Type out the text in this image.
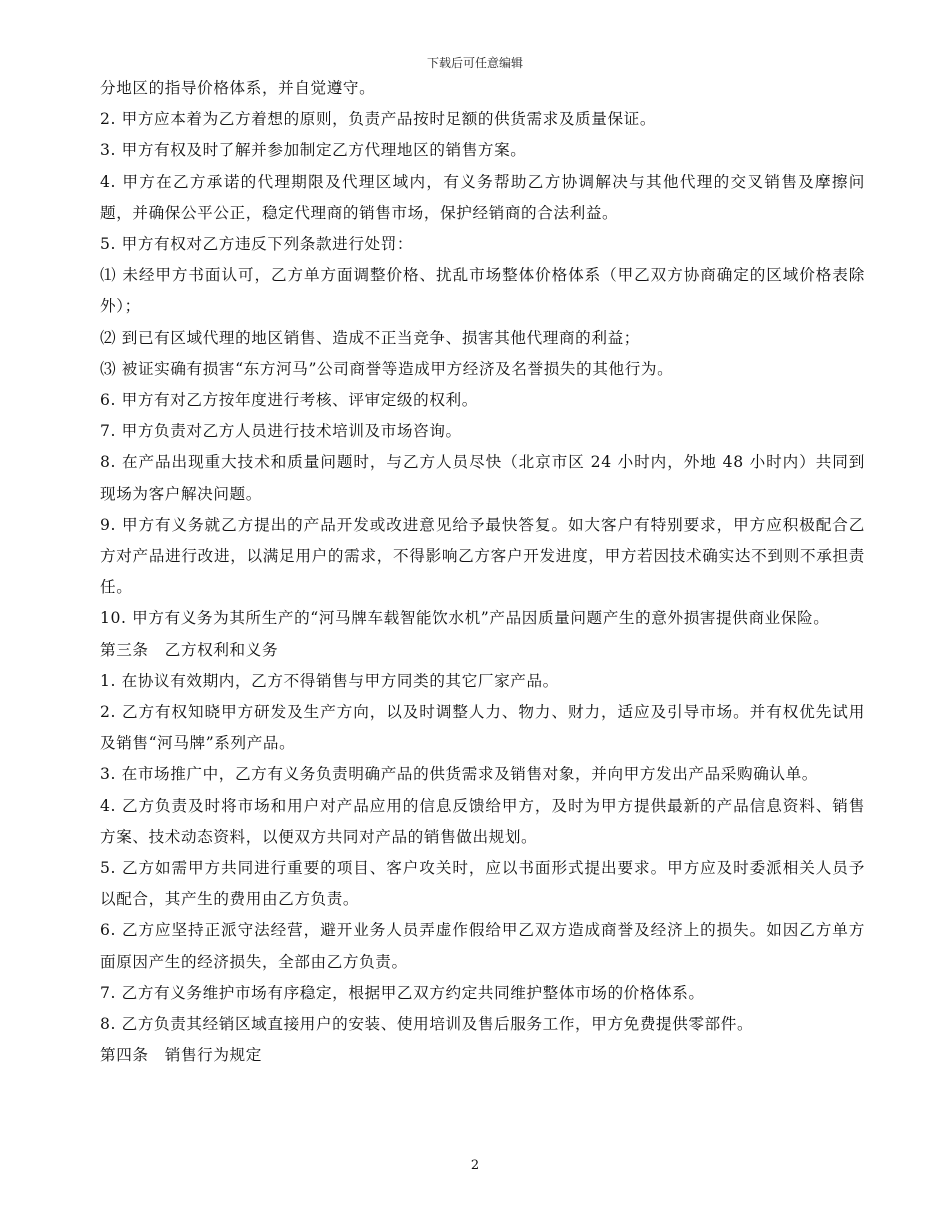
下载后可任意编辑

分地区的指导价格体系，并自觉遵守。

2. 甲方应本着为乙方着想的原则，负责产品按时足额的供货需求及质量保证。

3. 甲方有权及时了解并参加制定乙方代理地区的销售方案。

4. 甲方在乙方承诺的代理期限及代理区域内，有义务帮助乙方协调解决与其他代理的交叉销售及摩擦问题，并确保公平公正，稳定代理商的销售市场，保护经销商的合法利益。

5. 甲方有权对乙方违反下列条款进行处罚：

⑴ 未经甲方书面认可，乙方单方面调整价格、扰乱市场整体价格体系（甲乙双方协商确定的区域价格表除外）；

⑵ 到已有区域代理的地区销售、造成不正当竞争、损害其他代理商的利益；

⑶ 被证实确有损害“东方河马”公司商誉等造成甲方经济及名誉损失的其他行为。

6. 甲方有对乙方按年度进行考核、评审定级的权利。

7. 甲方负责对乙方人员进行技术培训及市场咨询。

8. 在产品出现重大技术和质量问题时，与乙方人员尽快（北京市区 24 小时内，外地 48 小时内）共同到现场为客户解决问题。

9. 甲方有义务就乙方提出的产品开发或改进意见给予最快答复。如大客户有特别要求，甲方应积极配合乙方对产品进行改进，以满足用户的需求，不得影响乙方客户开发进度，甲方若因技术确实达不到则不承担责任。

10. 甲方有义务为其所生产的“河马牌车载智能饮水机”产品因质量问题产生的意外损害提供商业保险。

第三条　乙方权利和义务

1. 在协议有效期内，乙方不得销售与甲方同类的其它厂家产品。

2. 乙方有权知晓甲方研发及生产方向，以及时调整人力、物力、财力，适应及引导市场。并有权优先试用及销售“河马牌”系列产品。

3. 在市场推广中，乙方有义务负责明确产品的供货需求及销售对象，并向甲方发出产品采购确认单。

4. 乙方负责及时将市场和用户对产品应用的信息反馈给甲方，及时为甲方提供最新的产品信息资料、销售方案、技术动态资料，以便双方共同对产品的销售做出规划。

5. 乙方如需甲方共同进行重要的项目、客户攻关时，应以书面形式提出要求。甲方应及时委派相关人员予以配合，其产生的费用由乙方负责。

6. 乙方应坚持正派守法经营，避开业务人员弄虚作假给甲乙双方造成商誉及经济上的损失。如因乙方单方面原因产生的经济损失，全部由乙方负责。

7. 乙方有义务维护市场有序稳定，根据甲乙双方约定共同维护整体市场的价格体系。

8. 乙方负责其经销区域直接用户的安装、使用培训及售后服务工作，甲方免费提供零部件。

第四条　销售行为规定

2
